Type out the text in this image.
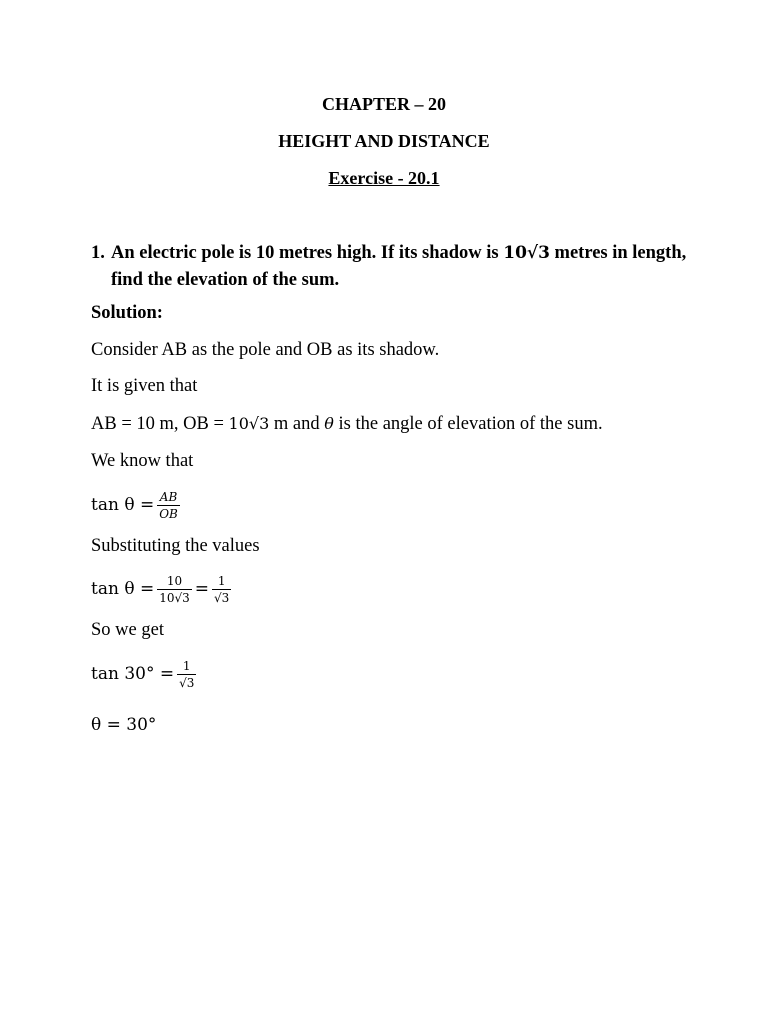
CHAPTER – 20
HEIGHT AND DISTANCE
Exercise - 20.1
1. An electric pole is 10 metres high. If its shadow is 10√3 metres in length, find the elevation of the sum.
Solution:
Consider AB as the pole and OB as its shadow.
It is given that
AB = 10 m, OB = 10√3 m and θ is the angle of elevation of the sum.
We know that
$\tan \theta = \frac{AB}{OB}$
Substituting the values
$\tan \theta = \frac{10}{10√3} = \frac{1}{√3}$
So we get
$\tan 30^\circ = \frac{1}{√3}$
θ = 30°
